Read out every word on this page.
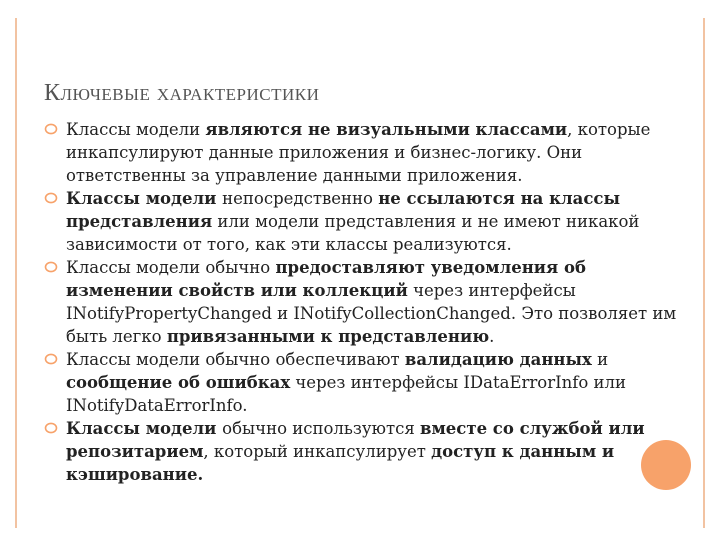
Ключевые характеристики
Классы модели являются не визуальными классами, которые инкапсулируют данные приложения и бизнес-логику. Они ответственны за управление данными приложения.
Классы модели непосредственно не ссылаются на классы представления или модели представления и не имеют никакой зависимости от того, как эти классы реализуются.
Классы модели обычно предоставляют уведомления об изменении свойств или коллекций через интерфейсы INotifyPropertyChanged и INotifyCollectionChanged. Это позволяет им быть легко привязанными к представлению.
Классы модели обычно обеспечивают валидацию данных и сообщение об ошибках через интерфейсы IDataErrorInfo или INotifyDataErrorInfo.
Классы модели обычно используются вместе со службой или репозитарием, который инкапсулирует доступ к данным и кэширование.
